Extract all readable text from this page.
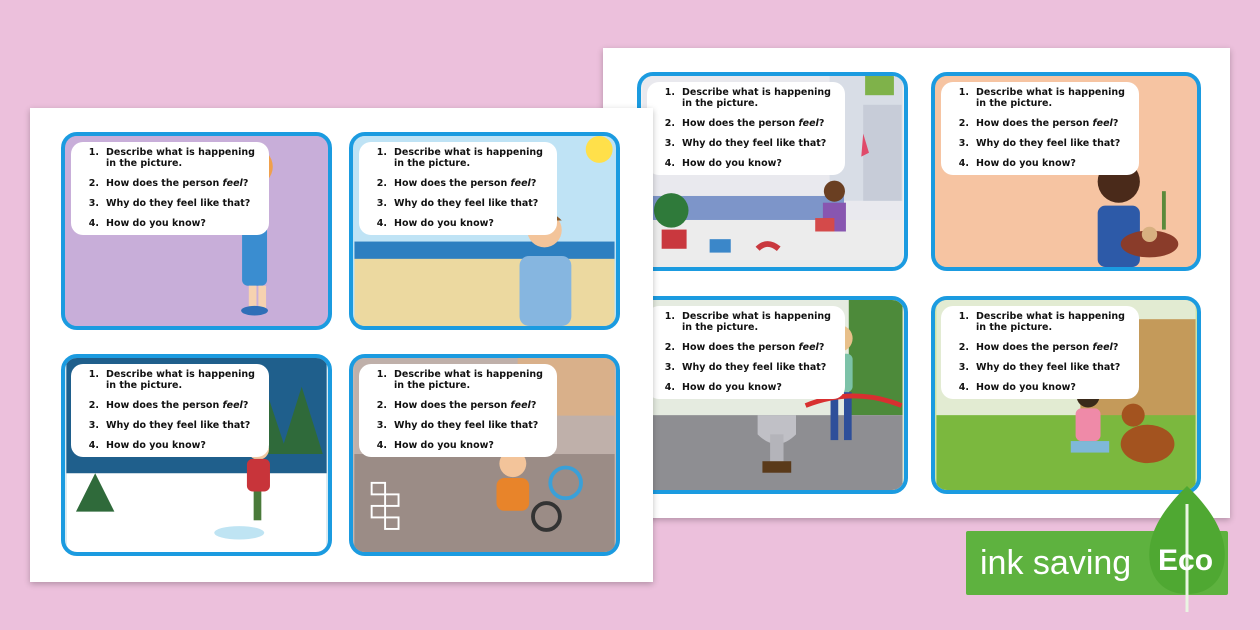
1. Describe what is happening in the picture.
2. How does the person feel?
3. Why do they feel like that?
4. How do you know?
1. Describe what is happening in the picture.
2. How does the person feel?
3. Why do they feel like that?
4. How do you know?
1. Describe what is happening in the picture.
2. How does the person feel?
3. Why do they feel like that?
4. How do you know?
1. Describe what is happening in the picture.
2. How does the person feel?
3. Why do they feel like that?
4. How do you know?
1. Describe what is happening in the picture.
2. How does the person feel?
3. Why do they feel like that?
4. How do you know?
1. Describe what is happening in the picture.
2. How does the person feel?
3. Why do they feel like that?
4. How do you know?
1. Describe what is happening in the picture.
2. How does the person feel?
3. Why do they feel like that?
4. How do you know?
1. Describe what is happening in the picture.
2. How does the person feel?
3. Why do they feel like that?
4. How do you know?
ink saving Eco
